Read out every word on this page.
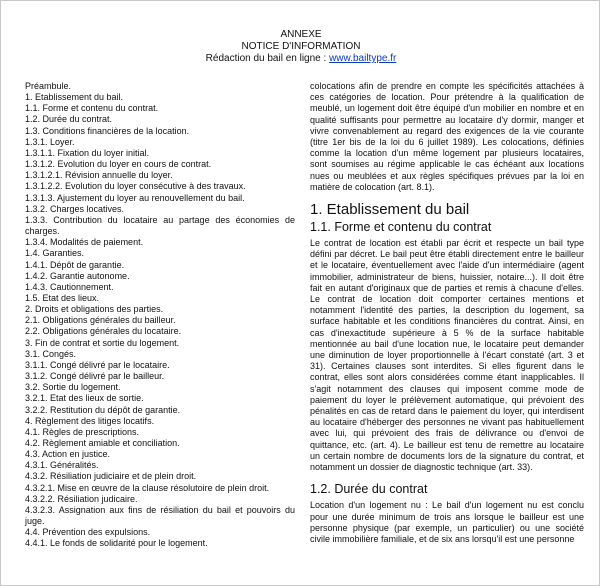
ANNEXE
NOTICE D'INFORMATION
Rédaction du bail en ligne : www.bailtype.fr
Préambule.
1. Etablissement du bail.
1.1. Forme et contenu du contrat.
1.2. Durée du contrat.
1.3. Conditions financières de la location.
1.3.1. Loyer.
1.3.1.1. Fixation du loyer initial.
1.3.1.2. Evolution du loyer en cours de contrat.
1.3.1.2.1. Révision annuelle du loyer.
1.3.1.2.2. Evolution du loyer consécutive à des travaux.
1.3.1.3. Ajustement du loyer au renouvellement du bail.
1.3.2. Charges locatives.
1.3.3. Contribution du locataire au partage des économies de charges.
1.3.4. Modalités de paiement.
1.4. Garanties.
1.4.1. Dépôt de garantie.
1.4.2. Garantie autonome.
1.4.3. Cautionnement.
1.5. Etat des lieux.
2. Droits et obligations des parties.
2.1. Obligations générales du bailleur.
2.2. Obligations générales du locataire.
3. Fin de contrat et sortie du logement.
3.1. Congés.
3.1.1. Congé délivré par le locataire.
3.1.2. Congé délivré par le bailleur.
3.2. Sortie du logement.
3.2.1. Etat des lieux de sortie.
3.2.2. Restitution du dépôt de garantie.
4. Règlement des litiges locatifs.
4.1. Règles de prescriptions.
4.2. Règlement amiable et conciliation.
4.3. Action en justice.
4.3.1. Généralités.
4.3.2. Résiliation judiciaire et de plein droit.
4.3.2.1. Mise en œuvre de la clause résolutoire de plein droit.
4.3.2.2. Résiliation judicaire.
4.3.2.3. Assignation aux fins de résiliation du bail et pouvoirs du juge.
4.4. Prévention des expulsions.
4.4.1. Le fonds de solidarité pour le logement.

colocations afin de prendre en compte les spécificités attachées à ces catégories de location. Pour prétendre à la qualification de meublé, un logement doit être équipé d'un mobilier en nombre et en qualité suffisants pour permettre au locataire d'y dormir, manger et vivre convenablement au regard des exigences de la vie courante (titre 1er bis de la loi du 6 juillet 1989). Les colocations, définies comme la location d'un même logement par plusieurs locataires, sont soumises au régime applicable le cas échéant aux locations nues ou meublées et aux règles spécifiques prévues par la loi en matière de colocation (art. 8.1).

1. Etablissement du bail
1.1. Forme et contenu du contrat

Le contrat de location est établi par écrit et respecte un bail type défini par décret. Le bail peut être établi directement entre le bailleur et le locataire, éventuellement avec l'aide d'un intermédiaire (agent immobilier, administrateur de biens, huissier, notaire...). Il doit être fait en autant d'originaux que de parties et remis à chacune d'elles. Le contrat de location doit comporter certaines mentions et notamment l'identité des parties, la description du logement, sa surface habitable et les conditions financières du contrat. Ainsi, en cas d'inexactitude supérieure à 5 % de la surface habitable mentionnée au bail d'une location nue, le locataire peut demander une diminution de loyer proportionnelle à l'écart constaté (art. 3 et 31). Certaines clauses sont interdites. Si elles figurent dans le contrat, elles sont alors considérées comme étant inapplicables. Il s'agit notamment des clauses qui imposent comme mode de paiement du loyer le prélèvement automatique, qui prévoient des pénalités en cas de retard dans le paiement du loyer, qui interdisent au locataire d'héberger des personnes ne vivant pas habituellement avec lui, qui prévoient des frais de délivrance ou d'envoi de quittance, etc. (art. 4). Le bailleur est tenu de remettre au locataire un certain nombre de documents lors de la signature du contrat, et notamment un dossier de diagnostic technique (art. 33).

1.2. Durée du contrat

Location d'un logement nu : Le bail d'un logement nu est conclu pour une durée minimum de trois ans lorsque le bailleur est une personne physique (par exemple, un particulier) ou une société civile immobilière familiale, et de six ans lorsqu'il est une personne
